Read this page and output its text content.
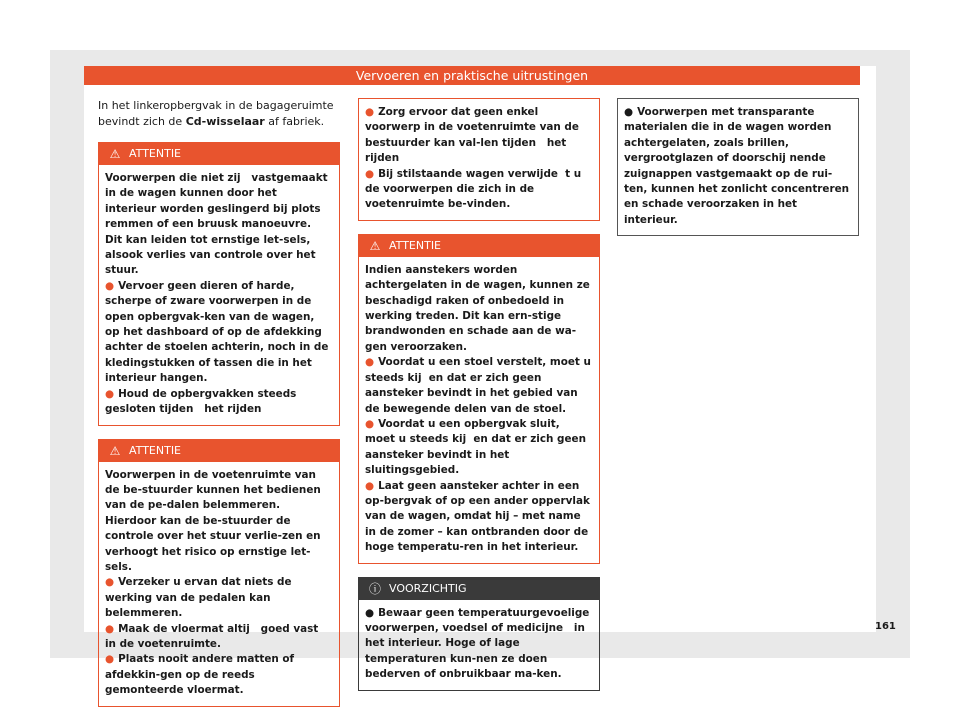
Vervoeren en praktische uitrustingen

In het linkeropbergvak in de bagageruimte bevindt zich de Cd-wisselaar af fabriek.

⚠ ATTENTIE

Voorwerpen die niet zij   vastgemaakt in de wagen kunnen door het interieur worden geslingerd bij plots remmen of een bruusk manoeuvre. Dit kan leiden tot ernstige let-sels, alsook verlies van controle over het stuur.

● Vervoer geen dieren of harde, scherpe of zware voorwerpen in de open opbergvak-ken van de wagen, op het dashboard of op de afdekking achter de stoelen achterin, noch in de kledingstukken of tassen die in het interieur hangen.
● Houd de opbergvakken steeds gesloten tijden   het rijden
⚠ ATTENTIE

Voorwerpen in de voetenruimte van de be-stuurder kunnen het bedienen van de pe-dalen belemmeren. Hierdoor kan de be-stuurder de controle over het stuur verlie-zen en verhoogt het risico op ernstige let-sels.

● Verzeker u ervan dat niets de werking van de pedalen kan belemmeren.
● Maak de vloermat altij   goed vast in de voetenruimte.
● Plaats nooit andere matten of afdekkin-gen op de reeds gemonteerde vloermat.
● Zorg ervoor dat geen enkel voorwerp in de voetenruimte van de bestuurder kan val-len tijden   het rijden
● Bij stilstaande wagen verwijde  t u de voorwerpen die zich in de voetenruimte be-vinden.
⚠ ATTENTIE

Indien aanstekers worden achtergelaten in de wagen, kunnen ze beschadigd raken of onbedoeld in werking treden. Dit kan ern-stige brandwonden en schade aan de wa-gen veroorzaken.

● Voordat u een stoel verstelt, moet u steeds kij  en dat er zich geen aansteker bevindt in het gebied van de bewegende delen van de stoel.
● Voordat u een opbergvak sluit, moet u steeds kij  en dat er zich geen aansteker bevindt in het sluitingsgebied.
● Laat geen aansteker achter in een op-bergvak of op een ander oppervlak van de wagen, omdat hij – met name in de zomer – kan ontbranden door de hoge temperatu-ren in het interieur.
ⓘ VOORZICHTIG
● Bewaar geen temperatuurgevoelige voorwerpen, voedsel of medicijne   in het interieur. Hoge of lage temperaturen kun-nen ze doen bederven of onbruikbaar ma-ken.
● Voorwerpen met transparante materialen die in de wagen worden achtergelaten, zoals brillen, vergrootglazen of doorschij nende zuignappen vastgemaakt op de rui-ten, kunnen het zonlicht concentreren en schade veroorzaken in het interieur.
161
